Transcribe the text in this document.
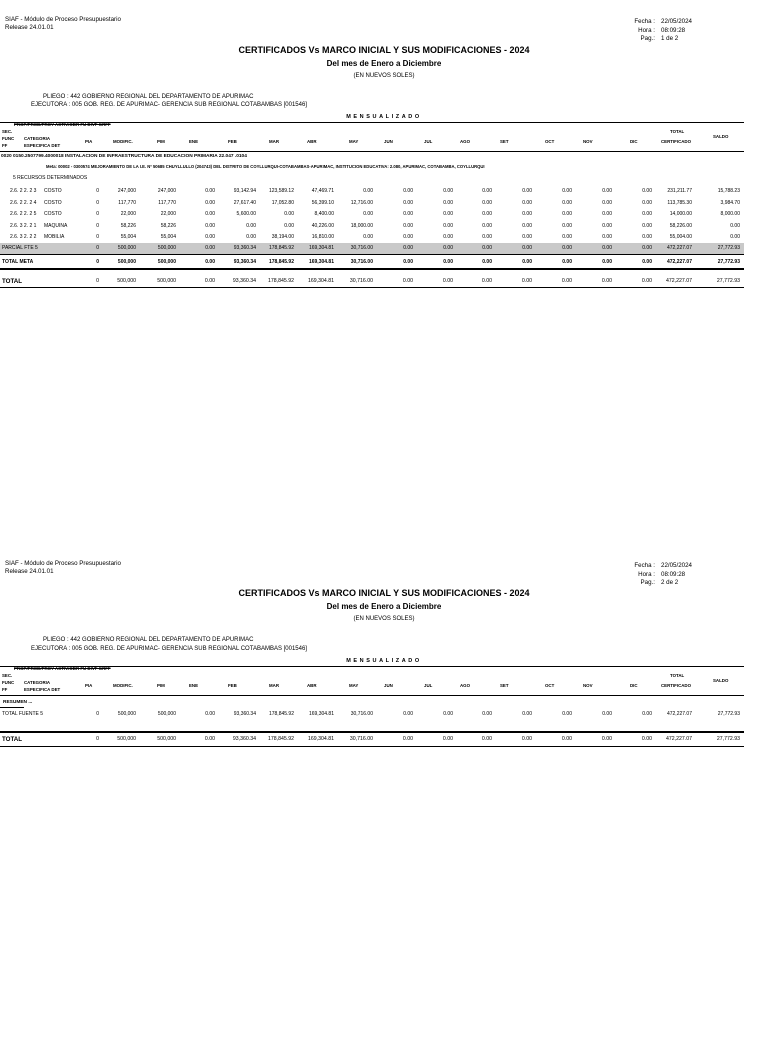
SIAF - Módulo de Proceso Presupuestario
Release 24.01.01
Fecha : 22/05/2024
Hora : 08:09:28
Pag.: 1 de 2
CERTIFICADOS Vs MARCO INICIAL Y SUS MODIFICACIONES - 2024
Del mes de Enero a Diciembre
(EN NUEVOS SOLES)
PLIEGO : 442 GOBIERNO REGIONAL DEL DEPARTAMENTO DE APURIMAC
EJECUTORA : 005 GOB. REG. DE APURIMAC- GERENCIA SUB REGIONAL COTABAMBAS [001546]
MENSUALIZADO
PROP/PROD/PROY ACTIV/OBR FU DIVF GRFF
SEC.
FUNC
FF
CATEGORIA
ESPECIFICA DET
PIA	MODIFIC.	PIM	ENE	FEB	MAR	ABR	MAY	JUN	JUL	AGO	SET	OCT	NOV	DIC
TOTAL
CERTIFICADO
SALDO
0020 0150.2507799.4000018 INSTALACION DE INFRAESTRUCTURA DE EDUCACION PRIMARIA 22.047 .0104
Meta: 00002 - 0300574 MEJORAMIENTO DE LA I.E. Nº 50685 CHUYLLULLO (204743) DEL DISTRITO DE COYLLURQUI-COTABAMBAS-APURIMAC, INSTITUCION EDUCATIVA: 2.080, APURIMAC, COTABAMBA, COYLLURQUI
5 RECURSOS DETERMINADOS
2.6. 2 2. 2 3 COSTO	0	247,000	247,000	0.00	93,142.94	123,589.12	47,469.71	0.00	0.00	0.00	0.00	0.00	0.00	0.00	0.00	231,211.77	15,788.23
2.6. 2 2. 2 4 COSTO	0	117,770	117,770	0.00	27,617.40	17,052.80	56,399.10	12,716.00	0.00	0.00	0.00	0.00	0.00	0.00	0.00	113,785.30	3,984.70
2.6. 2 2. 2 5 COSTO	0	22,000	22,000	0.00	5,600.00	0.00	8,400.00	0.00	0.00	0.00	0.00	0.00	0.00	0.00	0.00	14,000.00	8,000.00
2.6. 3 2. 2 1 MAQUINA	0	58,226	58,226	0.00	0.00	0.00	40,226.00	18,000.00	0.00	0.00	0.00	0.00	0.00	0.00	0.00	58,226.00	0.00
2.6. 3 2. 2 2 MOBILIA	0	55,004	55,004	0.00	0.00	38,194.00	16,810.00	0.00	0.00	0.00	0.00	0.00	0.00	0.00	0.00	55,004.00	0.00
PARCIAL FTE 5	0	500,000	500,000	0.00	93,360.34	178,845.92	169,304.81	30,716.00	0.00	0.00	0.00	0.00	0.00	0.00	0.00	472,227.07	27,772.93
TOTAL META	0	500,000	500,000	0.00	93,360.34	178,845.92	169,304.81	30,716.00	0.00	0.00	0.00	0.00	0.00	0.00	0.00	472,227.07	27,772.93
TOTAL	0	500,000	500,000	0.00	93,360.34 178,845.92	169,304.81	30,716.00	0.00	0.00	0.00	0.00	0.00	0.00	0.00	472,227.07	27,772.93
SIAF - Módulo de Proceso Presupuestario
Release 24.01.01
Fecha : 22/05/2024
Hora : 08:09:28
Pag.: 2 de 2
CERTIFICADOS Vs MARCO INICIAL Y SUS MODIFICACIONES - 2024
Del mes de Enero a Diciembre
(EN NUEVOS SOLES)
PLIEGO : 442 GOBIERNO REGIONAL DEL DEPARTAMENTO DE APURIMAC
EJECUTORA : 005 GOB. REG. DE APURIMAC- GERENCIA SUB REGIONAL COTABAMBAS [001546]
MENSUALIZADO
PROP/PROD/PROY ACTIV/OBR FU DIVF GRFF
SEC.
FUNC
FF
CATEGORIA
ESPECIFICA DET
PIA	MODIFIC.	PIM	ENE	FEB	MAR	ABR	MAY	JUN	JUL	AGO	SET	OCT	NOV	DIC
TOTAL
CERTIFICADO
SALDO
RESUMEN ...
TOTAL FUENTE 5	0	500,000	500,000	0.00	93,360.34	178,845.92	169,304.81	30,716.00	0.00	0.00	0.00	0.00	0.00	0.00	0.00	472,227.07	27,772.93
TOTAL	0	500,000	500,000	0.00	93,360.34 178,845.92	169,304.81	30,716.00	0.00	0.00	0.00	0.00	0.00	0.00	0.00	472,227.07	27,772.93
